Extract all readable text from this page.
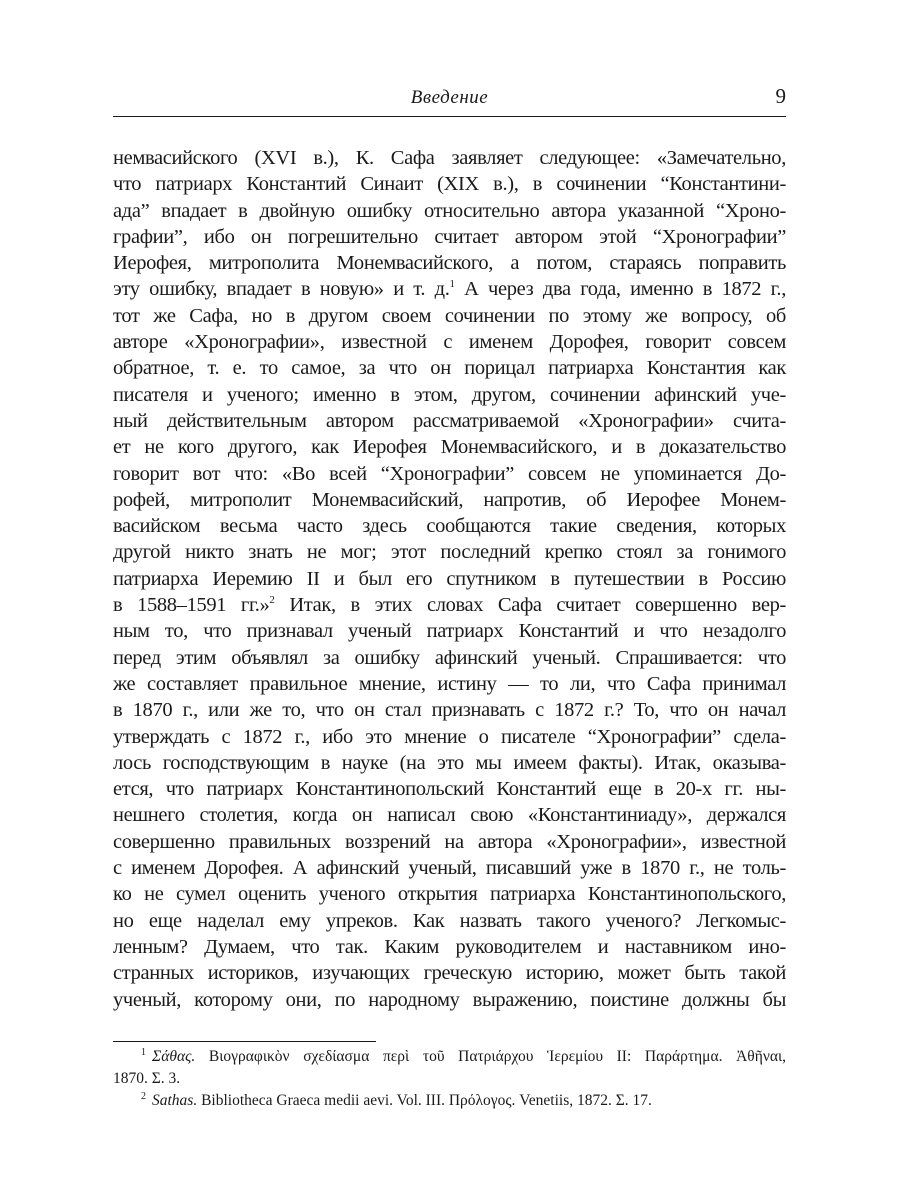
Введение	9
немвасийского (XVI в.), К. Сафа заявляет следующее: «Замечательно,
что патриарх Константий Синаит (XIX в.), в сочинении “Константини-
ада” впадает в двойную ошибку относительно автора указанной “Хроно-
графии”, ибо он погрешительно считает автором этой “Хронографии”
Иерофея, митрополита Монемвасийского, а потом, стараясь поправить
эту ошибку, впадает в новую» и т. д.$^1$ А через два года, именно в 1872 г.,
тот же Сафа, но в другом своем сочинении по этому же вопросу, об
авторе «Хронографии», известной с именем Дорофея, говорит совсем
обратное, т. е. то самое, за что он порицал патриарха Константия как
писателя и ученого; именно в этом, другом, сочинении афинский уче-
ный действительным автором рассматриваемой «Хронографии» счита-
ет не кого другого, как Иерофея Монемвасийского, и в доказательство
говорит вот что: «Во всей “Хронографии” совсем не упоминается До-
рофей, митрополит Монемвасийский, напротив, об Иерофее Монем-
васийском весьма часто здесь сообщаются такие сведения, которых
другой никто знать не мог; этот последний крепко стоял за гонимого
патриарха Иеремию II и был его спутником в путешествии в Россию
в 1588–1591 гг.»$^2$ Итак, в этих словах Сафа считает совершенно вер-
ным то, что признавал ученый патриарх Константий и что незадолго
перед этим объявлял за ошибку афинский ученый. Спрашивается: что
же составляет правильное мнение, истину — то ли, что Сафа принимал
в 1870 г., или же то, что он стал признавать с 1872 г.? То, что он начал
утверждать с 1872 г., ибо это мнение о писателе “Хронографии” сдела-
лось господствующим в науке (на это мы имеем факты). Итак, оказыва-
ется, что патриарх Константинопольский Константий еще в 20-х гг. ны-
нешнего столетия, когда он написал свою «Константиниаду», держался
совершенно правильных воззрений на автора «Хронографии», известной
с именем Дорофея. А афинский ученый, писавший уже в 1870 г., не толь-
ко не сумел оценить ученого открытия патриарха Константинопольского,
но еще наделал ему упреков. Как назвать такого ученого? Легкомыс-
ленным? Думаем, что так. Каким руководителем и наставником ино-
странных историков, изучающих греческую историю, может быть такой
ученый, которому они, по народному выражению, поистине должны бы
$^1$ Σάθας. Βιογραφικὸν σχεδίασμα περὶ τοῦ Πατριάρχου Ἱερεμίου II: Παράρτημα. Ἀθῆναι,
1870. Σ. 3.
$^2$ Sathas. Bibliotheca Graeca medii aevi. Vol. III. Πρόλογος. Venetiis, 1872. Σ. 17.
